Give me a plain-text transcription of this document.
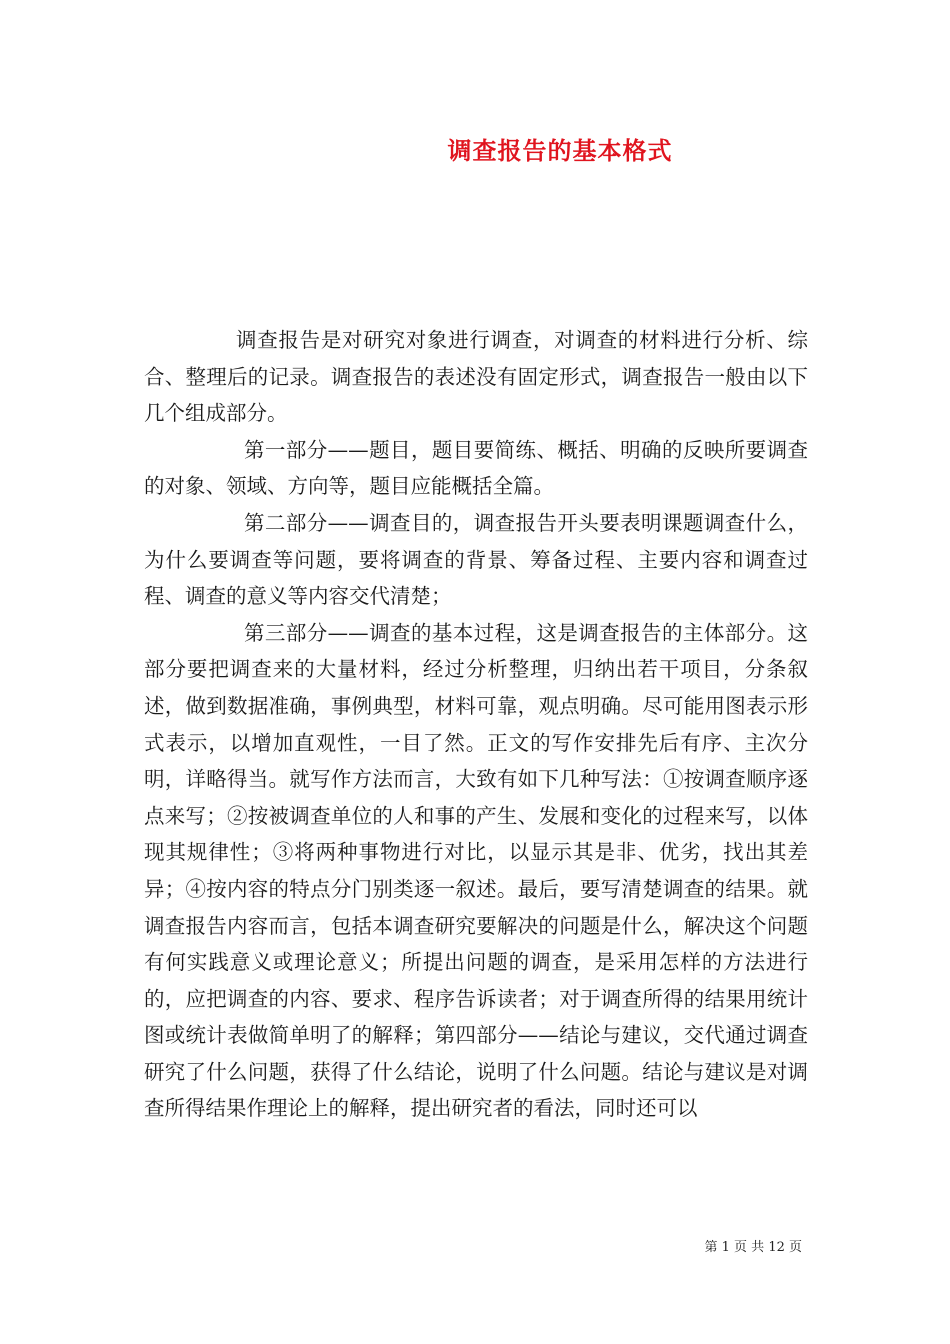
调查报告的基本格式

调查报告是对研究对象进行调查，对调查的材料进行分析、综合、整理后的记录。调查报告的表述没有固定形式，调查报告一般由以下几个组成部分。

第一部分——题目，题目要简练、概括、明确的反映所要调查的对象、领域、方向等，题目应能概括全篇。

第二部分——调查目的，调查报告开头要表明课题调查什么，为什么要调查等问题，要将调查的背景、筹备过程、主要内容和调查过程、调查的意义等内容交代清楚；

第三部分——调查的基本过程，这是调查报告的主体部分。这部分要把调查来的大量材料，经过分析整理，归纳出若干项目，分条叙述，做到数据准确，事例典型，材料可靠，观点明确。尽可能用图表示形式表示，以增加直观性，一目了然。正文的写作安排先后有序、主次分明，详略得当。就写作方法而言，大致有如下几种写法：①按调查顺序逐点来写；②按被调查单位的人和事的产生、发展和变化的过程来写，以体现其规律性；③将两种事物进行对比，以显示其是非、优劣，找出其差异；④按内容的特点分门别类逐一叙述。最后，要写清楚调查的结果。就调查报告内容而言，包括本调查研究要解决的问题是什么，解决这个问题有何实践意义或理论意义；所提出问题的调查，是采用怎样的方法进行的，应把调查的内容、要求、程序告诉读者；对于调查所得的结果用统计图或统计表做简单明了的解释；第四部分——结论与建议，交代通过调查研究了什么问题，获得了什么结论，说明了什么问题。结论与建议是对调查所得结果作理论上的解释，提出研究者的看法，同时还可以

第 1 页 共 12 页
